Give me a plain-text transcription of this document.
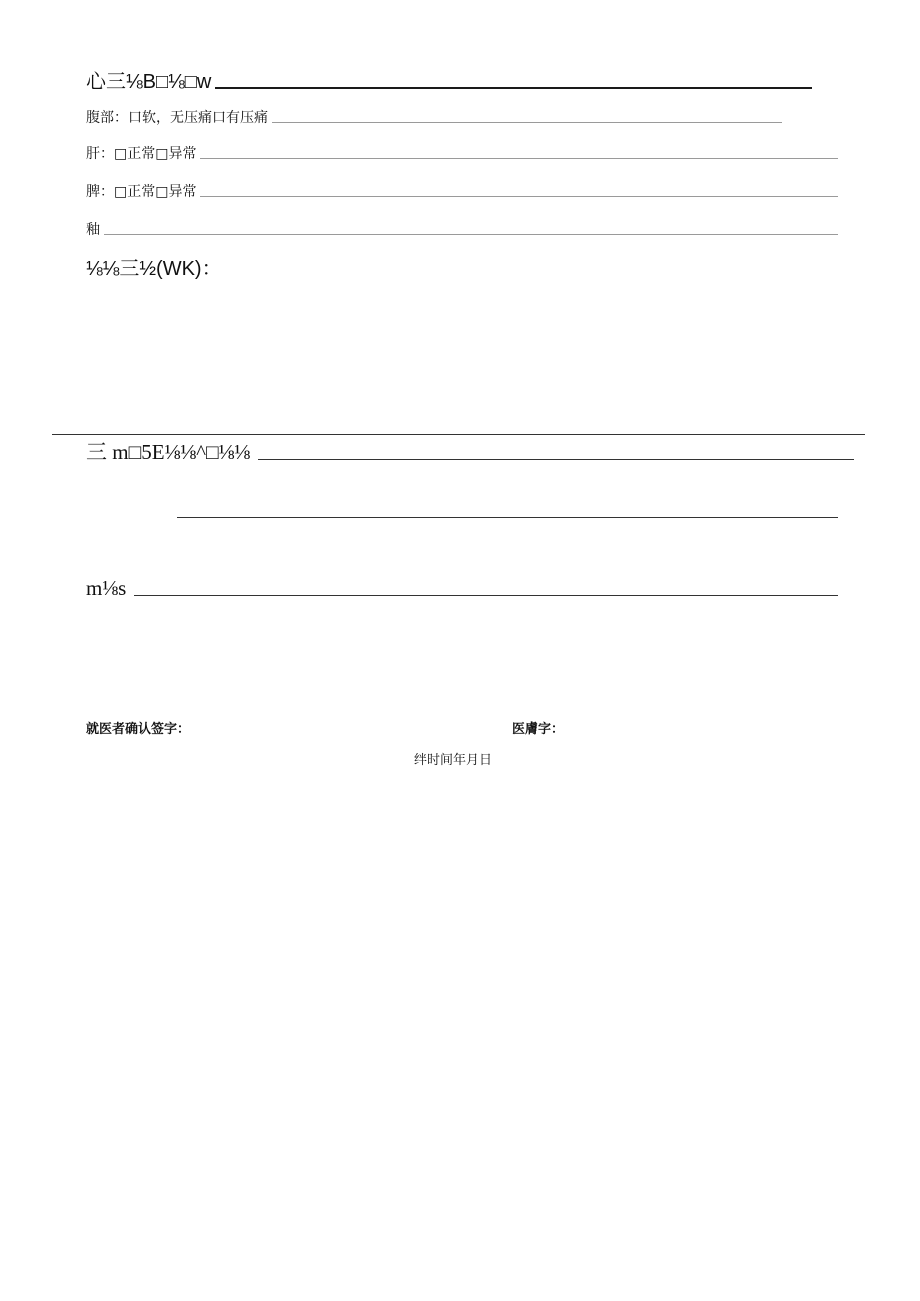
心三⅛B□⅛□w
腹部：口软，无压痛口有压痛
肝：□正常□异常
脾：□正常□异常
釉
⅛⅛三½(WK)：
三 m□5E⅛⅛^□⅛⅛
m⅛s
就医者确认签字：	医膚字：
绊时间年月日
